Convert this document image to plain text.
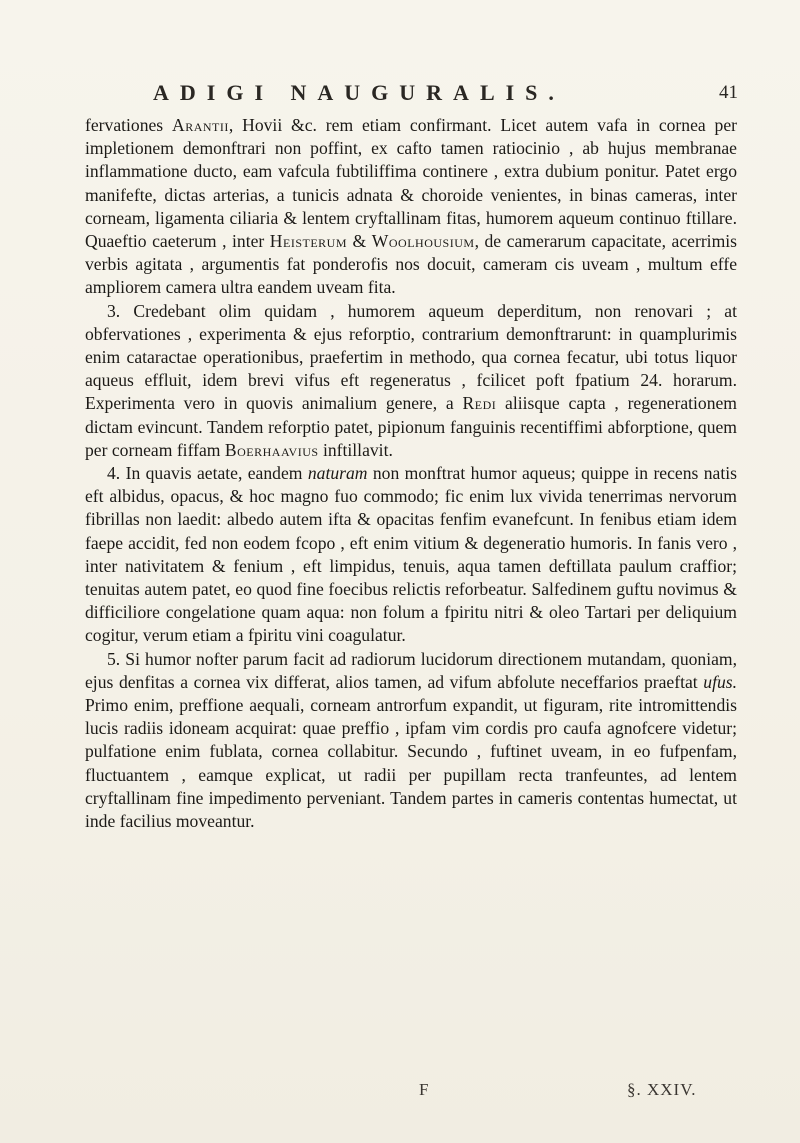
ADIGI NAUGURALIS.	41

fervationes Arantii, Hovii &c. rem etiam confirmant. Licet autem vafa in cornea per impletionem demonftrari non poffint, ex cafto tamen ratiocinio , ab hujus membranae inflammatione ducto, eam vafcula fubtiliffima continere , extra dubium ponitur. Patet ergo manifefte, dictas arterias, a tunicis adnata & choroide venientes, in binas cameras, inter corneam, ligamenta ciliaria & lentem cryftallinam fitas, humorem aqueum continuo ftillare. Quaeftio caeterum , inter Heisterum & Woolhousium, de camerarum capacitate, acerrimis verbis agitata , argumentis fat ponderofis nos docuit, cameram cis uveam , multum effe ampliorem camera ultra eandem uveam fita.

3. Credebant olim quidam , humorem aqueum deperditum, non renovari ; at obfervationes , experimenta & ejus reforptio, contrarium demonftrarunt: in quamplurimis enim cataractae operationibus, praefertim in methodo, qua cornea fecatur, ubi totus liquor aqueus effluit, idem brevi vifus eft regeneratus , fcilicet poft fpatium 24. horarum. Experimenta vero in quovis animalium genere, a Redi aliisque capta , regenerationem dictam evincunt. Tandem reforptio patet, pipionum fanguinis recentiffimi abforptione, quem per corneam fiffam Boerhaavius inftillavit.

4. In quavis aetate, eandem naturam non monftrat humor aqueus; quippe in recens natis eft albidus, opacus, & hoc magno fuo commodo; fic enim lux vivida tenerrimas nervorum fibrillas non laedit: albedo autem ifta & opacitas fenfim evanefcunt. In fenibus etiam idem faepe accidit, fed non eodem fcopo , eft enim vitium & degeneratio humoris. In fanis vero , inter nativitatem & fenium , eft limpidus, tenuis, aqua tamen deftillata paulum craffior; tenuitas autem patet, eo quod fine foecibus relictis reforbeatur. Salfedinem guftu novimus & difficiliore congelatione quam aqua: non folum a fpiritu nitri & oleo Tartari per deliquium cogitur, verum etiam a fpiritu vini coagulatur.

5. Si humor nofter parum facit ad radiorum lucidorum directionem mutandam, quoniam, ejus denfitas a cornea vix differat, alios tamen, ad vifum abfolute neceffarios praeftat ufus. Primo enim, preffione aequali, corneam antrorfum expandit, ut figuram, rite intromittendis lucis radiis idoneam acquirat: quae preffio , ipfam vim cordis pro caufa agnofcere videtur; pulfatione enim fublata, cornea collabitur. Secundo , fuftinet uveam, in eo fufpenfam, fluctuantem , eamque explicat, ut radii per pupillam recta tranfeuntes, ad lentem cryftallinam fine impedimento perveniant. Tandem partes in cameris contentas humectat, ut inde facilius moveantur.

F	§. XXIV.
